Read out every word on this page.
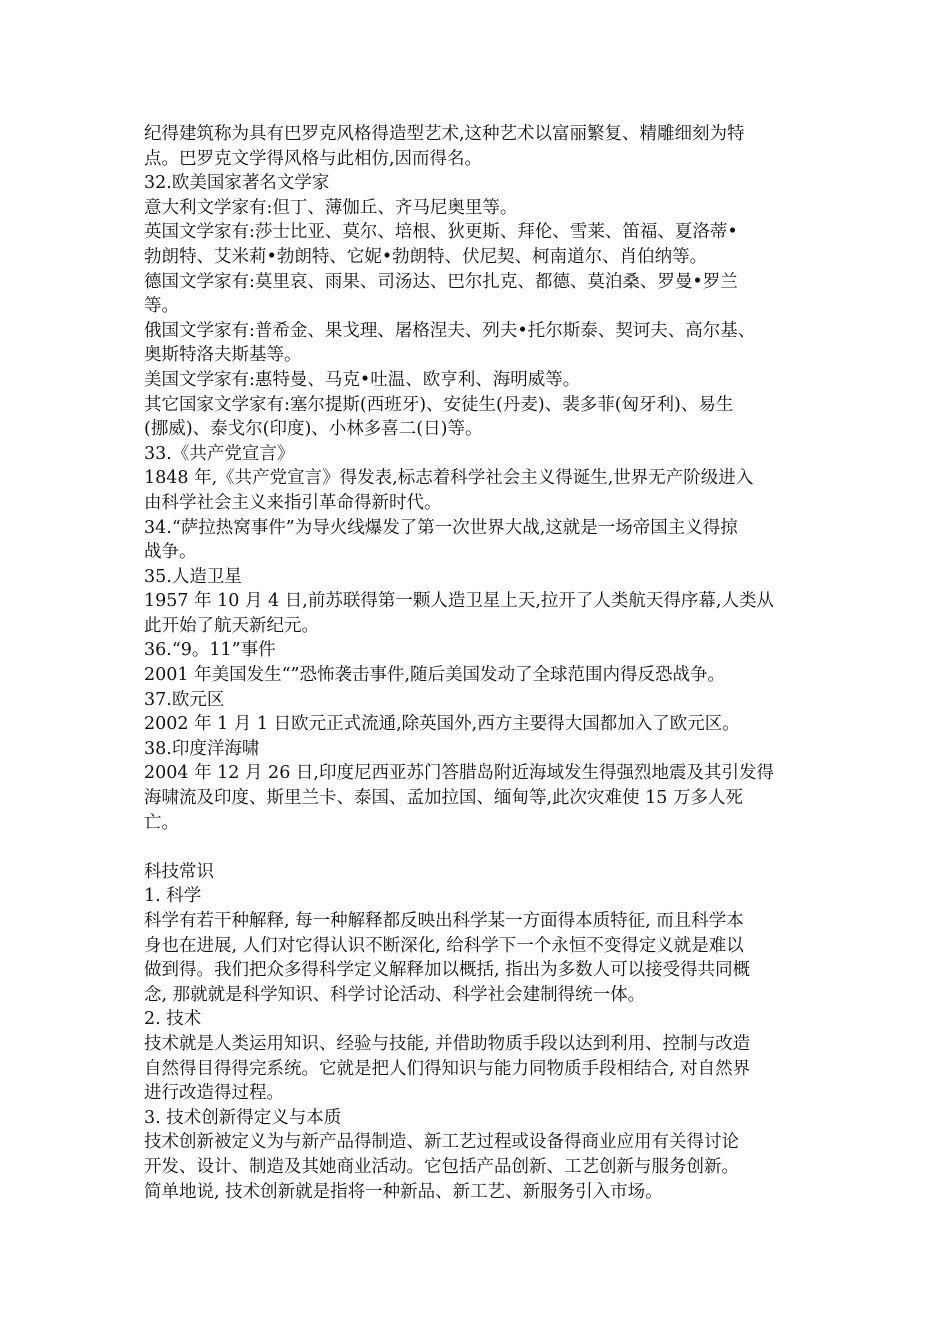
纪得建筑称为具有巴罗克风格得造型艺术,这种艺术以富丽繁复、精雕细刻为特

点。巴罗克文学得风格与此相仿,因而得名。

32.欧美国家著名文学家

意大利文学家有:但丁、薄伽丘、齐马尼奥里等。

英国文学家有:莎士比亚、莫尔、培根、狄更斯、拜伦、雪莱、笛福、夏洛蒂•

勃朗特、艾米莉•勃朗特、它妮•勃朗特、伏尼契、柯南道尔、肖伯纳等。

德国文学家有:莫里哀、雨果、司汤达、巴尔扎克、都德、莫泊桑、罗曼•罗兰

等。

俄国文学家有:普希金、果戈理、屠格涅夫、列夫•托尔斯泰、契诃夫、高尔基、

奥斯特洛夫斯基等。

美国文学家有:惠特曼、马克•吐温、欧亨利、海明威等。

其它国家文学家有:塞尔提斯(西班牙)、安徒生(丹麦)、裴多菲(匈牙利)、易生

(挪威)、泰戈尔(印度)、小林多喜二(日)等。

33.《共产党宣言》

1848 年,《共产党宣言》得发表,标志着科学社会主义得诞生,世界无产阶级进入

由科学社会主义来指引革命得新时代。

34.“萨拉热窝事件”为导火线爆发了第一次世界大战,这就是一场帝国主义得掠

战争。

35.人造卫星

1957 年 10 月 4 日,前苏联得第一颗人造卫星上天,拉开了人类航天得序幕,人类从

此开始了航天新纪元。

36.“9。11”事件

2001 年美国发生“”恐怖袭击事件,随后美国发动了全球范围内得反恐战争。

37.欧元区

2002 年 1 月 1 日欧元正式流通,除英国外,西方主要得大国都加入了欧元区。

38.印度洋海啸

2004 年 12 月 26 日,印度尼西亚苏门答腊岛附近海域发生得强烈地震及其引发得

海啸流及印度、斯里兰卡、泰国、孟加拉国、缅甸等,此次灾难使 15 万多人死

亡。

科技常识

1. 科学

科学有若干种解释, 每一种解释都反映出科学某一方面得本质特征, 而且科学本

身也在进展, 人们对它得认识不断深化, 给科学下一个永恒不变得定义就是难以

做到得。我们把众多得科学定义解释加以概括, 指出为多数人可以接受得共同概

念, 那就就是科学知识、科学讨论活动、科学社会建制得统一体。

2. 技术

技术就是人类运用知识、经验与技能, 并借助物质手段以达到利用、控制与改造

自然得目得得完系统。它就是把人们得知识与能力同物质手段相结合, 对自然界

进行改造得过程。

3. 技术创新得定义与本质

技术创新被定义为与新产品得制造、新工艺过程或设备得商业应用有关得讨论

开发、设计、制造及其她商业活动。它包括产品创新、工艺创新与服务创新。

简单地说, 技术创新就是指将一种新品、新工艺、新服务引入市场。
